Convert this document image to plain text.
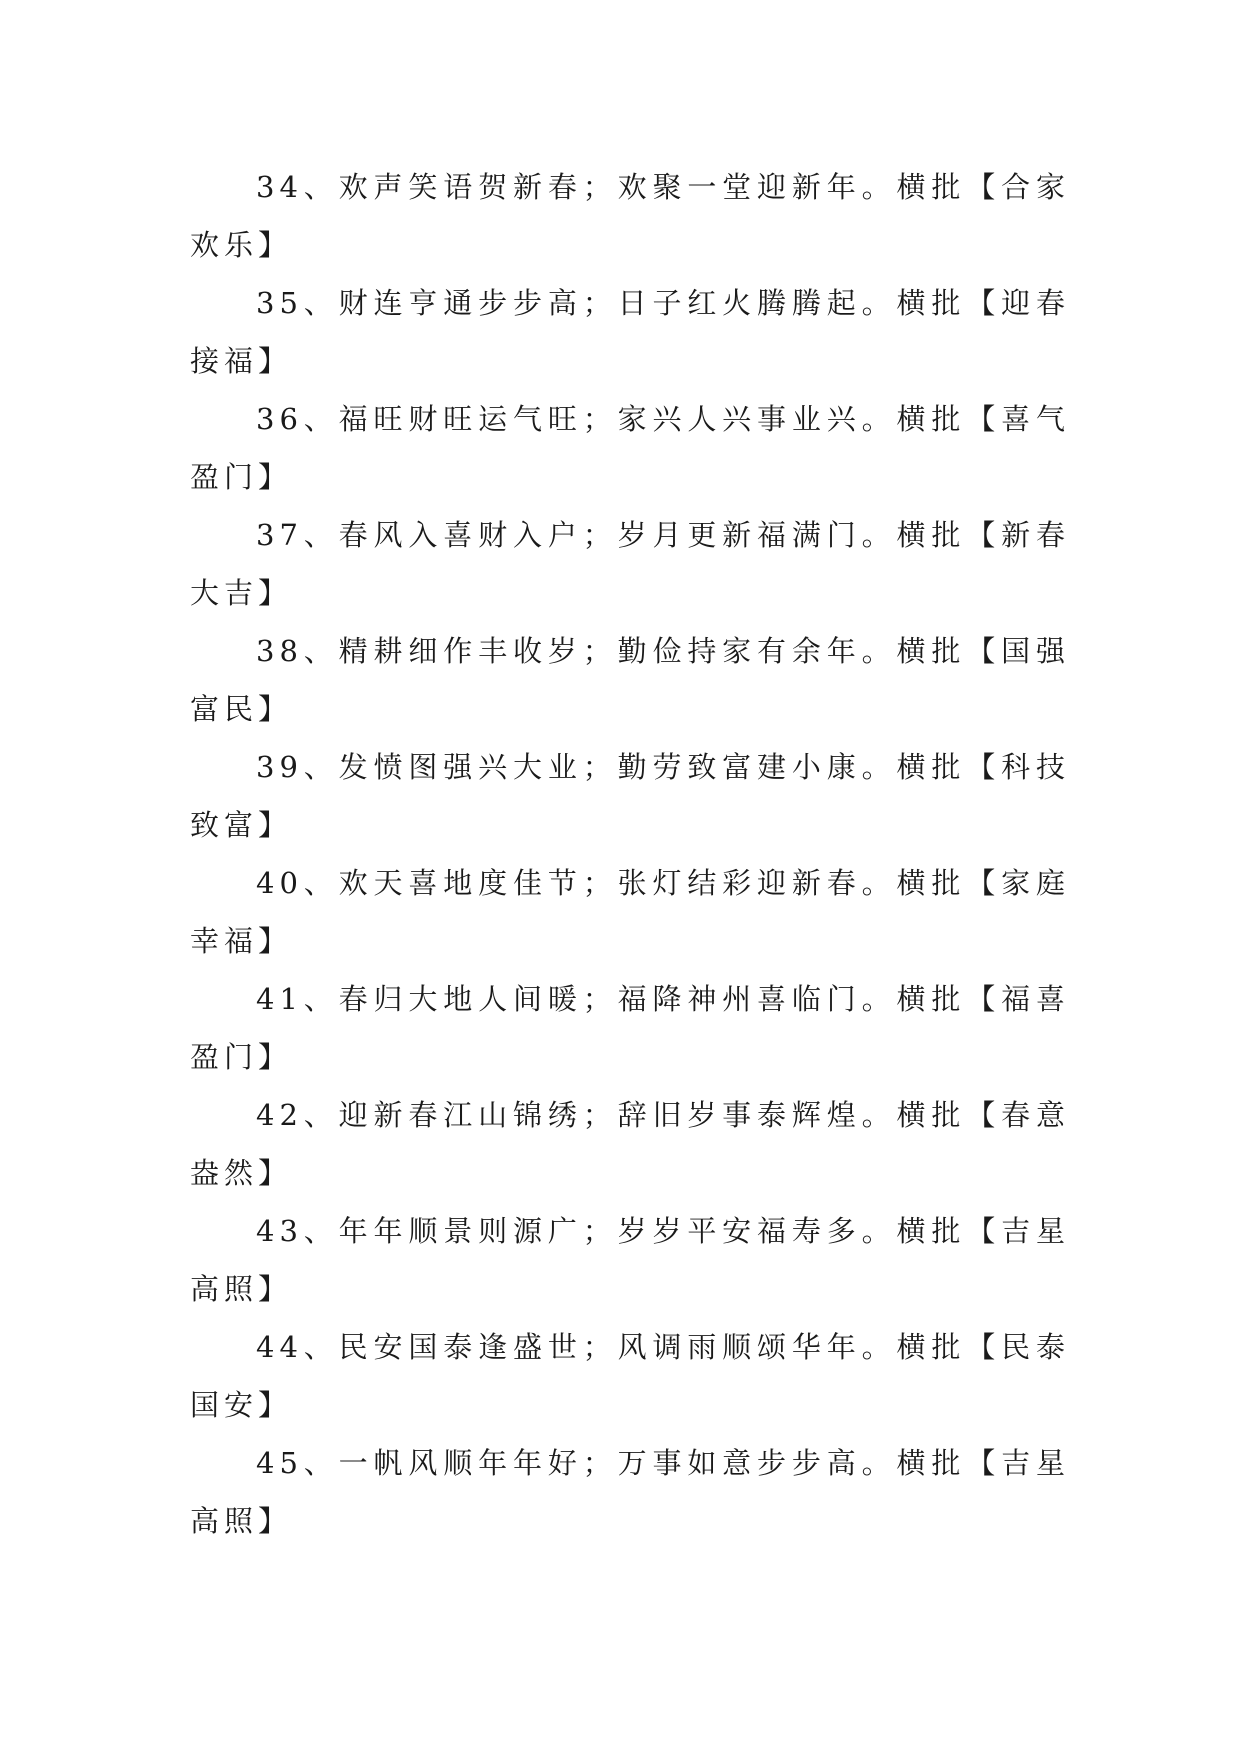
34、欢声笑语贺新春；欢聚一堂迎新年。横批【合家欢乐】

35、财连亨通步步高；日子红火腾腾起。横批【迎春接福】

36、福旺财旺运气旺；家兴人兴事业兴。横批【喜气盈门】

37、春风入喜财入户；岁月更新福满门。横批【新春大吉】

38、精耕细作丰收岁；勤俭持家有余年。横批【国强富民】

39、发愤图强兴大业；勤劳致富建小康。横批【科技致富】

40、欢天喜地度佳节；张灯结彩迎新春。横批【家庭幸福】

41、春归大地人间暖；福降神州喜临门。横批【福喜盈门】

42、迎新春江山锦绣；辞旧岁事泰辉煌。横批【春意盎然】

43、年年顺景则源广；岁岁平安福寿多。横批【吉星高照】

44、民安国泰逢盛世；风调雨顺颂华年。横批【民泰国安】

45、一帆风顺年年好；万事如意步步高。横批【吉星高照】
